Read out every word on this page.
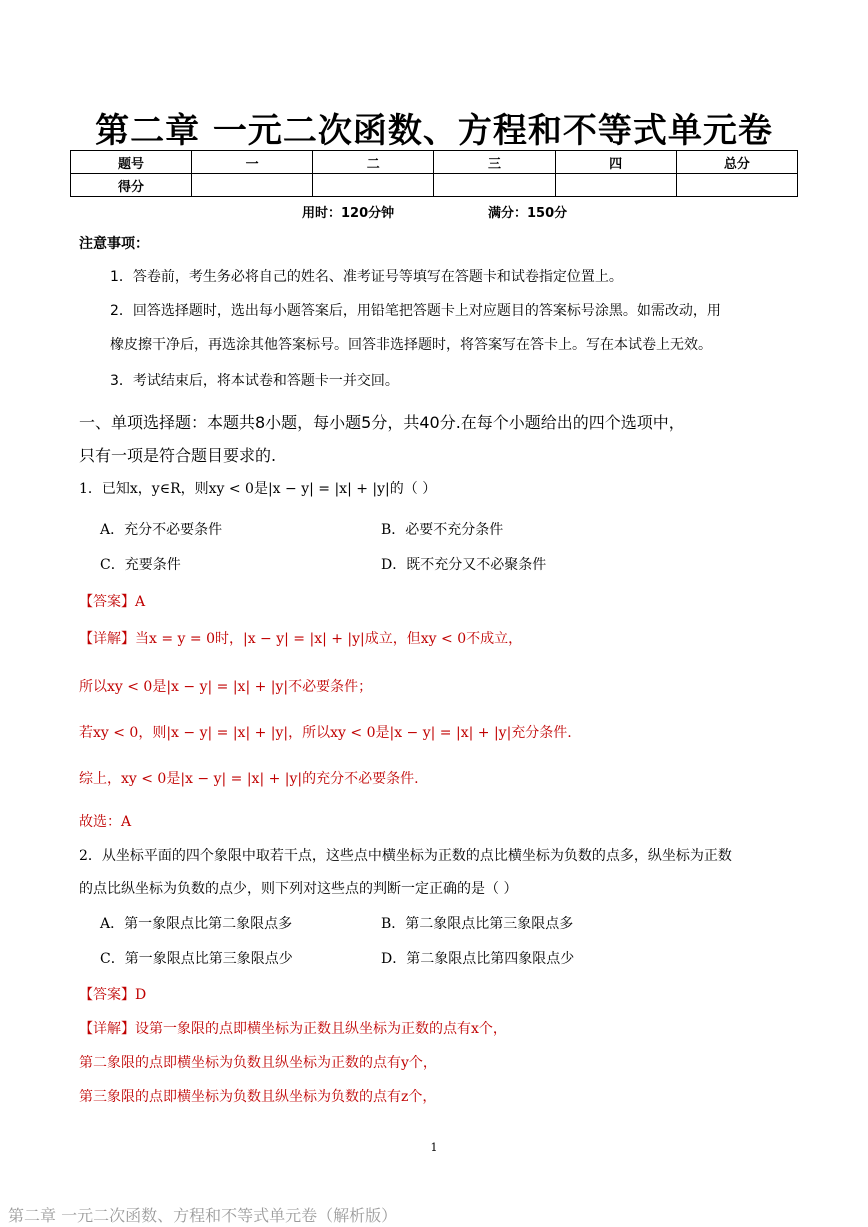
第二章 一元二次函数、方程和不等式单元卷
题号	一	二	三	四	总分
得分					
用时：120分钟	满分：150分
注意事项：
1．答卷前，考生务必将自己的姓名、准考证号等填写在答题卡和试卷指定位置上。
2．回答选择题时，选出每小题答案后，用铅笔把答题卡上对应题目的答案标号涂黑。如需改动，用
橡皮擦干净后，再选涂其他答案标号。回答非选择题时，将答案写在答卡上。写在本试卷上无效。
3．考试结束后，将本试卷和答题卡一并交回。
一、单项选择题：本题共8小题，每小题5分，共40分.在每个小题给出的四个选项中，
只有一项是符合题目要求的.
1．已知x，y∈R，则xy < 0是|x − y| = |x| + |y|的（ ）
A．充分不必要条件	B．必要不充分条件
C．充要条件	D．既不充分又不必聚条件
【答案】A
【详解】当x = y = 0时，|x − y| = |x| + |y|成立，但xy < 0不成立，
所以xy < 0是|x − y| = |x| + |y|不必要条件；
若xy < 0，则|x − y| = |x| + |y|，所以xy < 0是|x − y| = |x| + |y|充分条件.
综上，xy < 0是|x − y| = |x| + |y|的充分不必要条件.
故选：A
2．从坐标平面的四个象限中取若干点，这些点中横坐标为正数的点比横坐标为负数的点多，纵坐标为正数
的点比纵坐标为负数的点少，则下列对这些点的判断一定正确的是（ ）
A．第一象限点比第二象限点多	B．第二象限点比第三象限点多
C．第一象限点比第三象限点少	D．第二象限点比第四象限点少
【答案】D
【详解】设第一象限的点即横坐标为正数且纵坐标为正数的点有x个，
第二象限的点即横坐标为负数且纵坐标为正数的点有y个，
第三象限的点即横坐标为负数且纵坐标为负数的点有z个，
1
第二章 一元二次函数、方程和不等式单元卷（解析版）
